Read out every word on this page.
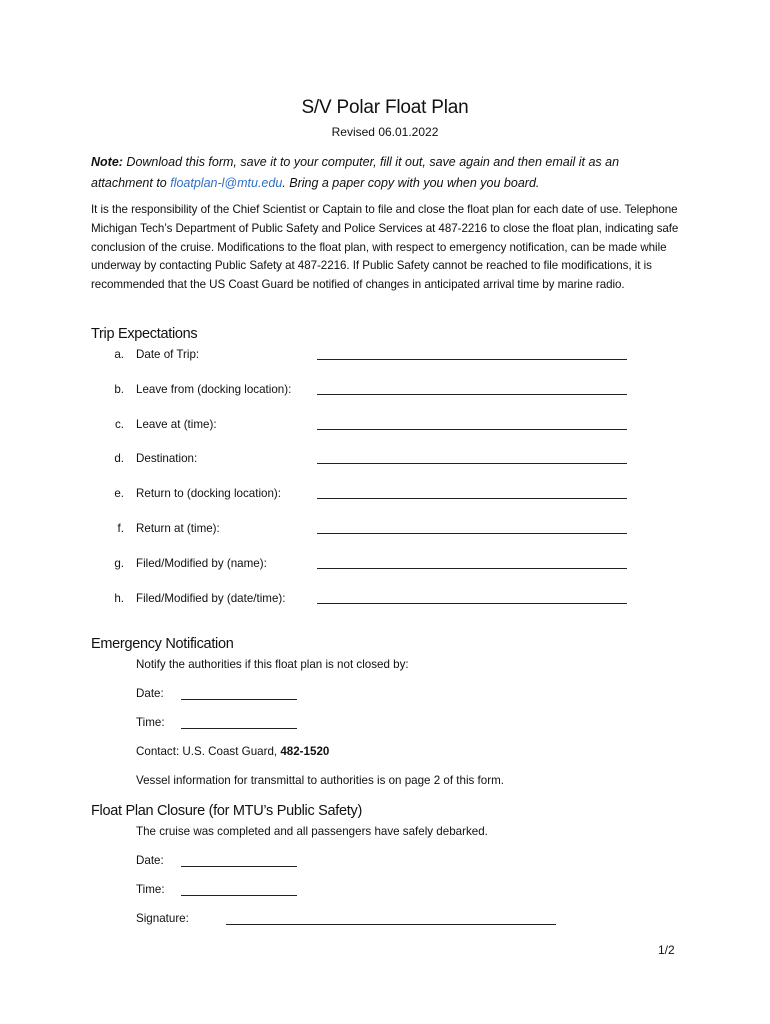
S/V Polar Float Plan
Revised 06.01.2022
Note: Download this form, save it to your computer, fill it out, save again and then email it as an attachment to floatplan-l@mtu.edu. Bring a paper copy with you when you board.
It is the responsibility of the Chief Scientist or Captain to file and close the float plan for each date of use. Telephone Michigan Tech’s Department of Public Safety and Police Services at 487-2216 to close the float plan, indicating safe conclusion of the cruise. Modifications to the float plan, with respect to emergency notification, can be made while underway by contacting Public Safety at 487-2216. If Public Safety cannot be reached to file modifications, it is recommended that the US Coast Guard be notified of changes in anticipated arrival time by marine radio.
Trip Expectations
a. Date of Trip:
b. Leave from (docking location):
c. Leave at (time):
d. Destination:
e. Return to (docking location):
f. Return at (time):
g. Filed/Modified by (name):
h. Filed/Modified by (date/time):
Emergency Notification
Notify the authorities if this float plan is not closed by:
Date:
Time:
Contact: U.S. Coast Guard, 482-1520
Vessel information for transmittal to authorities is on page 2 of this form.
Float Plan Closure (for MTU’s Public Safety)
The cruise was completed and all passengers have safely debarked.
Date:
Time:
Signature:
1/2
